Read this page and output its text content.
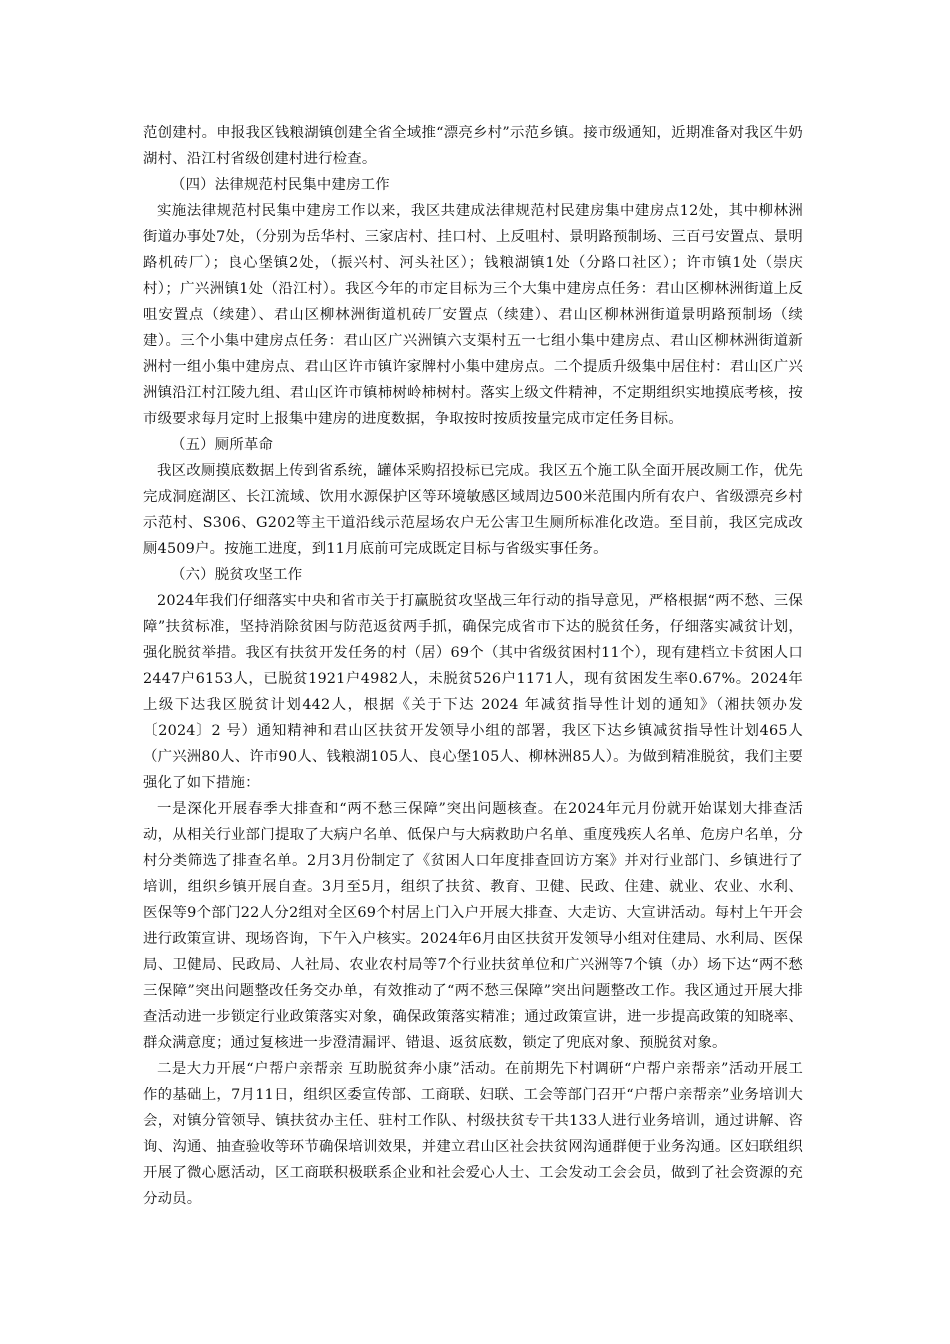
范创建村。申报我区钱粮湖镇创建全省全域推“漂亮乡村”示范乡镇。接市级通知，近期准备对我区牛奶湖村、沿江村省级创建村进行检查。

（四）法律规范村民集中建房工作

实施法律规范村民集中建房工作以来，我区共建成法律规范村民建房集中建房点12处，其中柳林洲街道办事处7处，（分别为岳华村、三家店村、挂口村、上反咀村、景明路预制场、三百弓安置点、景明路机砖厂）；良心堡镇2处，（振兴村、河头社区）；钱粮湖镇1处（分路口社区）；许市镇1处（崇庆村）；广兴洲镇1处（沿江村）。我区今年的市定目标为三个大集中建房点任务：君山区柳林洲街道上反咀安置点（续建）、君山区柳林洲街道机砖厂安置点（续建）、君山区柳林洲街道景明路预制场（续建）。三个小集中建房点任务：君山区广兴洲镇六支渠村五一七组小集中建房点、君山区柳林洲街道新洲村一组小集中建房点、君山区许市镇许家牌村小集中建房点。二个提质升级集中居住村：君山区广兴洲镇沿江村江陵九组、君山区许市镇柿树岭柿树村。落实上级文件精神，不定期组织实地摸底考核，按市级要求每月定时上报集中建房的进度数据，争取按时按质按量完成市定任务目标。

（五）厕所革命

我区改厕摸底数据上传到省系统，罐体采购招投标已完成。我区五个施工队全面开展改厕工作，优先完成洞庭湖区、长江流域、饮用水源保护区等环境敏感区域周边500米范围内所有农户、省级漂亮乡村示范村、S306、G202等主干道沿线示范屋场农户无公害卫生厕所标准化改造。至目前，我区完成改厕4509户。按施工进度，到11月底前可完成既定目标与省级实事任务。

（六）脱贫攻坚工作

2024年我们仔细落实中央和省市关于打赢脱贫攻坚战三年行动的指导意见，严格根据“两不愁、三保障”扶贫标准，坚持消除贫困与防范返贫两手抓，确保完成省市下达的脱贫任务，仔细落实减贫计划，强化脱贫举措。我区有扶贫开发任务的村（居）69个（其中省级贫困村11个），现有建档立卡贫困人口2447户6153人，已脱贫1921户4982人，未脱贫526户1171人，现有贫困发生率0.67%。2024年上级下达我区脱贫计划442人，根据《关于下达 2024 年减贫指导性计划的通知》（湘扶领办发〔2024〕2 号）通知精神和君山区扶贫开发领导小组的部署，我区下达乡镇减贫指导性计划465人（广兴洲80人、许市90人、钱粮湖105人、良心堡105人、柳林洲85人）。为做到精准脱贫，我们主要强化了如下措施：

一是深化开展春季大排查和“两不愁三保障”突出问题核查。在2024年元月份就开始谋划大排查活动，从相关行业部门提取了大病户名单、低保户与大病救助户名单、重度残疾人名单、危房户名单，分村分类筛选了排查名单。2月3月份制定了《贫困人口年度排查回访方案》并对行业部门、乡镇进行了培训，组织乡镇开展自查。3月至5月，组织了扶贫、教育、卫健、民政、住建、就业、农业、水利、医保等9个部门22人分2组对全区69个村居上门入户开展大排查、大走访、大宣讲活动。每村上午开会进行政策宣讲、现场咨询，下午入户核实。2024年6月由区扶贫开发领导小组对住建局、水利局、医保局、卫健局、民政局、人社局、农业农村局等7个行业扶贫单位和广兴洲等7个镇（办）场下达“两不愁三保障”突出问题整改任务交办单，有效推动了“两不愁三保障”突出问题整改工作。我区通过开展大排查活动进一步锁定行业政策落实对象，确保政策落实精准；通过政策宣讲，进一步提高政策的知晓率、群众满意度；通过复核进一步澄清漏评、错退、返贫底数，锁定了兜底对象、预脱贫对象。

二是大力开展“户帮户亲帮亲 互助脱贫奔小康”活动。在前期先下村调研“户帮户亲帮亲”活动开展工作的基础上，7月11日，组织区委宣传部、工商联、妇联、工会等部门召开“户帮户亲帮亲”业务培训大会，对镇分管领导、镇扶贫办主任、驻村工作队、村级扶贫专干共133人进行业务培训，通过讲解、咨询、沟通、抽查验收等环节确保培训效果，并建立君山区社会扶贫网沟通群便于业务沟通。区妇联组织开展了微心愿活动，区工商联积极联系企业和社会爱心人士、工会发动工会会员，做到了社会资源的充分动员。
